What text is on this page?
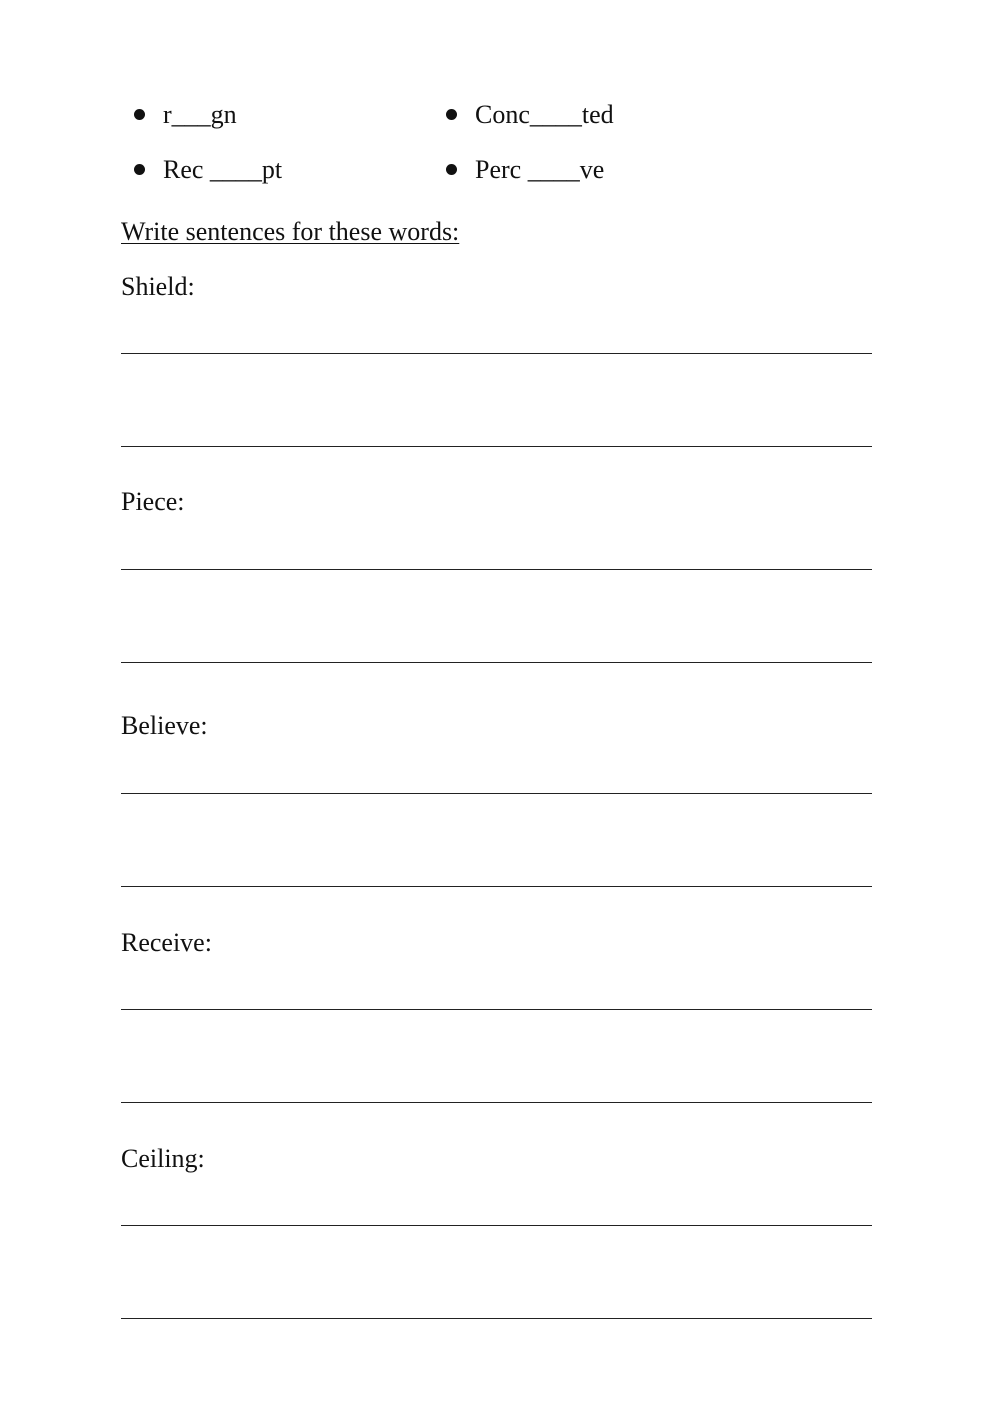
r___gn	Conc____ted

Rec ____pt	Perc ____ve

Write sentences for these words:
Shield:
Piece:
Believe:
Receive:
Ceiling:
